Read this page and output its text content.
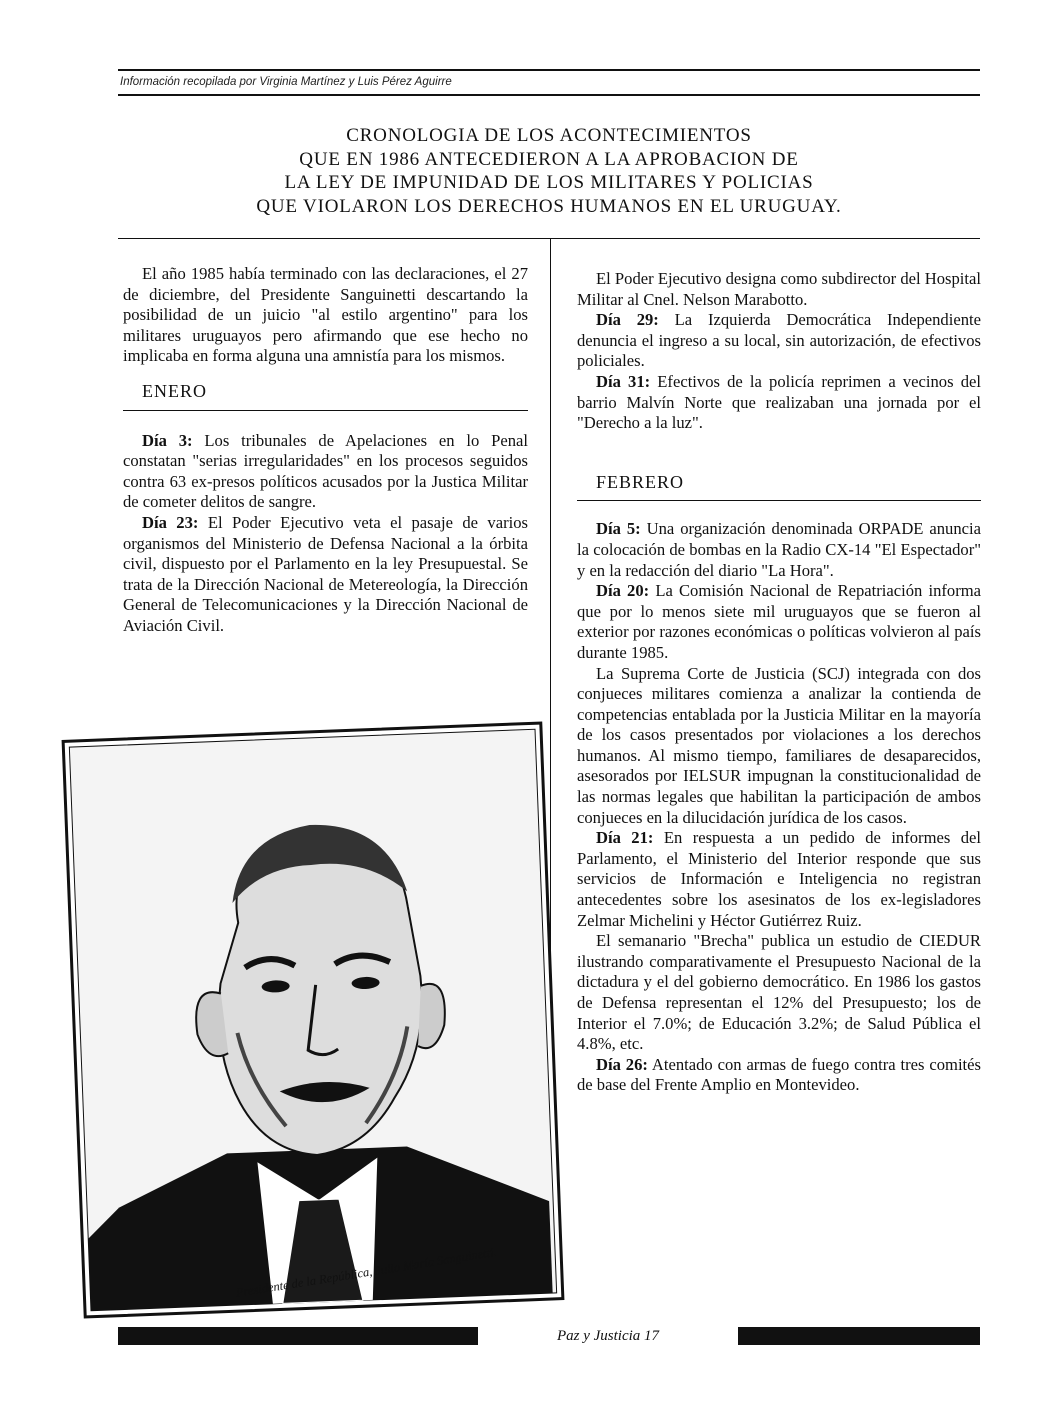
Información recopilada por Virginia Martínez y Luis Pérez Aguirre
CRONOLOGIA DE LOS ACONTECIMIENTOS
QUE EN 1986 ANTECEDIERON A LA APROBACION DE
LA LEY DE IMPUNIDAD DE LOS MILITARES Y POLICIAS
QUE VIOLARON LOS DERECHOS HUMANOS EN EL URUGUAY.

El año 1985 había terminado con las declaraciones, el 27 de diciembre, del Presidente Sanguinetti descartando la posibilidad de un juicio "al estilo argentino" para los militares uruguayos pero afirmando que ese hecho no implicaba en forma alguna una amnistía para los mismos.

ENERO

Día 3: Los tribunales de Apelaciones en lo Penal constatan "serias irregularidades" en los procesos seguidos contra 63 ex-presos políticos acusados por la Justica Militar de cometer delitos de sangre.

Día 23: El Poder Ejecutivo veta el pasaje de varios organismos del Ministerio de Defensa Nacional a la órbita civil, dispuesto por el Parlamento en la ley Presupuestal. Se trata de la Dirección Nacional de Metereología, la Dirección General de Telecomunicaciones y la Dirección Nacional de Aviación Civil.

El Poder Ejecutivo designa como subdirector del Hospital Militar al Cnel. Nelson Marabotto.

Día 29: La Izquierda Democrática Independiente denuncia el ingreso a su local, sin autorización, de efectivos policiales.

Día 31: Efectivos de la policía reprimen a vecinos del barrio Malvín Norte que realizaban una jornada por el "Derecho a la luz".

FEBRERO

Día 5: Una organización denominada ORPADE anuncia la colocación de bombas en la Radio CX-14 "El Espectador" y en la redacción del diario "La Hora".

Día 20: La Comisión Nacional de Repatriación informa que por lo menos siete mil uruguayos que se fueron al exterior por razones económicas o políticas volvieron al país durante 1985.

La Suprema Corte de Justicia (SCJ) integrada con dos conjueces militares comienza a analizar la contienda de competencias entablada por la Justicia Militar en la mayoría de los casos presentados por violaciones a los derechos humanos. Al mismo tiempo, familiares de desaparecidos, asesorados por IELSUR impugnan la constitucionalidad de las normas legales que habilitan la participación de ambos conjueces en la dilucidación jurídica de los casos.

Día 21: En respuesta a un pedido de informes del Parlamento, el Ministerio del Interior responde que sus servicios de Información e Inteligencia no registran antecedentes sobre los asesinatos de los ex-legisladores Zelmar Michelini y Héctor Gutiérrez Ruiz.

El semanario "Brecha" publica un estudio de CIEDUR ilustrando comparativamente el Presupuesto Nacional de la dictadura y el del gobierno democrático. En 1986 los gastos de Defensa representan el 12% del Presupuesto; los de Interior el 7.0%; de Educación 3.2%; de Salud Pública el 4.8%, etc.

Día 26: Atentado con armas de fuego contra tres comités de base del Frente Amplio en Montevideo.

Presidente de la República, Julio María Sanguinetti.
Paz y Justicia 17
